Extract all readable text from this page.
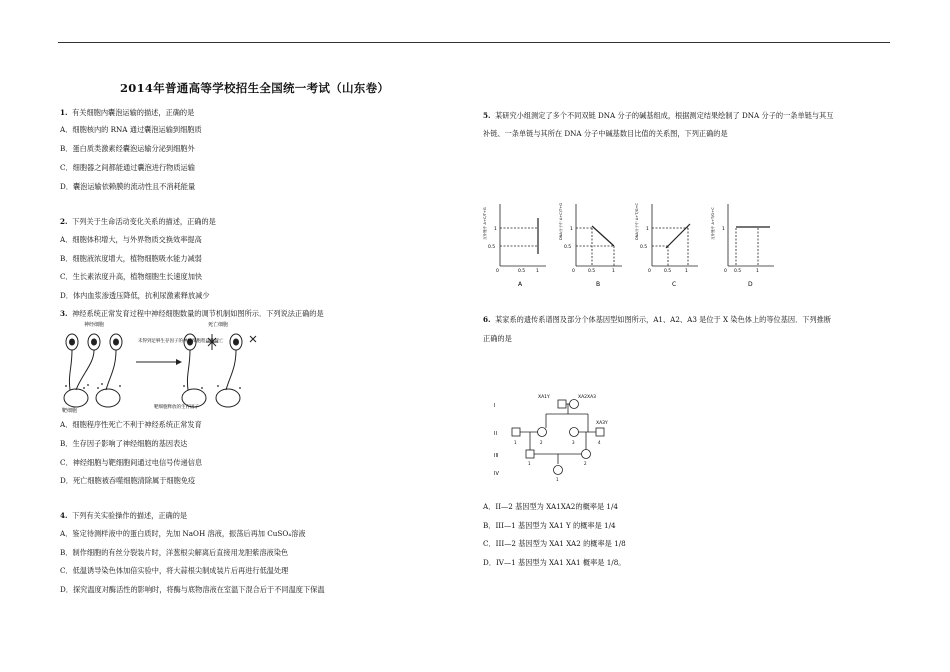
2014年普通高等学校招生全国统一考试（山东卷）
1. 有关细胞内囊泡运输的描述，正确的是
A．细胞核内的 RNA 通过囊泡运输到细胞质
B．蛋白质类激素经囊泡运输分泌到细胞外
C．细胞器之间都能通过囊泡进行物质运输
D．囊泡运输依赖膜的流动性且不消耗能量
2. 下列关于生命活动变化关系的描述，正确的是
A．细胞体积增大，与外界物质交换效率提高
B．细胞液浓度增大，植物细胞吸水能力减弱
C．生长素浓度升高，植物细胞生长速度加快
D．体内血浆渗透压降低，抗利尿激素释放减少
3. 神经系统正常发育过程中神经细胞数量的调节机制如图所示．下列说法正确的是
神经细胞	死亡细胞
未得到足够生存因子的神经细胞程序性死亡
靶细胞
靶细胞释放的生存因子
A．细胞程序性死亡不利于神经系统正常发育
B．生存因子影响了神经细胞的基因表达
C．神经细胞与靶细胞间通过电信号传递信息
D．死亡细胞被吞噬细胞清除属于细胞免疫
4. 下列有关实验操作的描述，正确的是
A．鉴定待测样液中的蛋白质时，先加 NaOH 溶液，振荡后再加 CuSO₄溶液
B．制作细胞的有丝分裂装片时，洋葱根尖解离后直接用龙胆紫溶液染色
C．低温诱导染色体加倍实验中，将大蒜根尖制成装片后再进行低温处理
D．探究温度对酶活性的影响时，将酶与底物溶液在室温下混合后于不同温度下保温
5. 某研究小组测定了多个不同双链 DNA 分子的碱基组成，根据测定结果绘制了 DNA 分子的一条单链与其互
补链、一条单链与其所在 DNA 分子中碱基数目比值的关系图，下列正确的是
1
0.5
0	0.5 1
互补链中 A+C/T+G
A
1
0.5
0	0.5	1
DNA分子中 A+C/T+G
B
1
0.5
0	0.5	1
DNA分子中 A+T/G+C
C
1
0 0.5	1
互补链中 A+T/G+C
D
6. 某家系的遗传系谱图及部分个体基因型如图所示，A1、A2、A3 是位于 X 染色体上的等位基因．下列推断
正确的是
I
II
III
IV
XA1Y	XA2XA3
XA3Y
1	2	3	4
1	2
1
A．II—2 基因型为 XA1XA2的概率是 1/4
B．III—1 基因型为 XA1 Y 的概率是 1/4
C．III—2 基因型为 XA1 XA2 的概率是 1/8
D．IV—1 基因型为 XA1 XA1 概率是 1/8。
